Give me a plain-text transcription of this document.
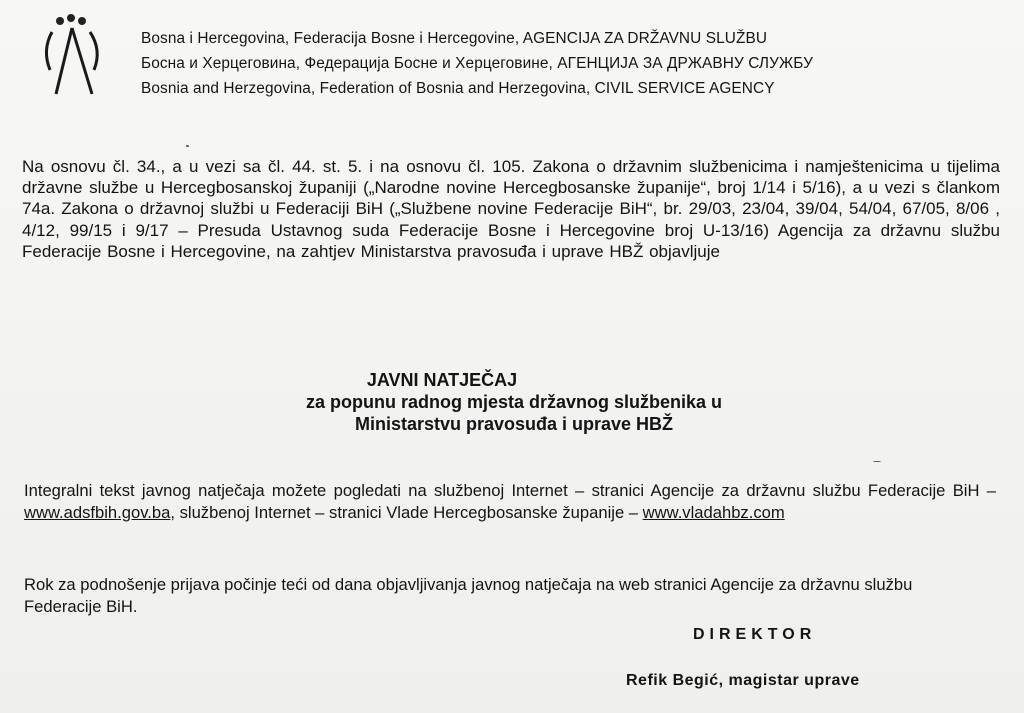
Bosna i Hercegovina, Federacija Bosne i Hercegovine, AGENCIJA ZA DRŽAVNU SLUŽBU
Босна и Херцеговина, Федерација Босне и Херцеговине, АГЕНЦИЈА ЗА ДРЖАВНУ СЛУЖБУ
Bosnia and Herzegovina, Federation of Bosnia and Herzegovina, CIVIL SERVICE AGENCY
Na osnovu čl. 34., a u vezi sa čl. 44. st. 5. i na osnovu čl. 105. Zakona o državnim službenicima i namještenicima u tijelima državne službe u Hercegbosanskoj županiji („Narodne novine Hercegbosanske županije“, broj 1/14 i 5/16), a u vezi s člankom 74a. Zakona o državnoj službi u Federaciji BiH („Službene novine Federacije BiH“, br. 29/03, 23/04, 39/04, 54/04, 67/05, 8/06 , 4/12, 99/15 i 9/17 – Presuda Ustavnog suda Federacije Bosne i Hercegovine broj U-13/16) Agencija za državnu službu Federacije Bosne i Hercegovine, na zahtjev Ministarstva pravosuđa i uprave HBŽ objavljuje
JAVNI NATJEČAJ
za popunu radnog mjesta državnog službenika u
Ministarstvu pravosuđa i uprave HBŽ
Integralni tekst javnog natječaja možete pogledati na službenoj Internet – stranici Agencije za državnu službu Federacije BiH – www.adsfbih.gov.ba, službenoj Internet – stranici Vlade Hercegbosanske županije – www.vladahbz.com
Rok za podnošenje prijava počinje teći od dana objavljivanja javnog natječaja na web stranici Agencije za državnu službu Federacije BiH.
DIREKTOR
Refik Begić, magistar uprave
